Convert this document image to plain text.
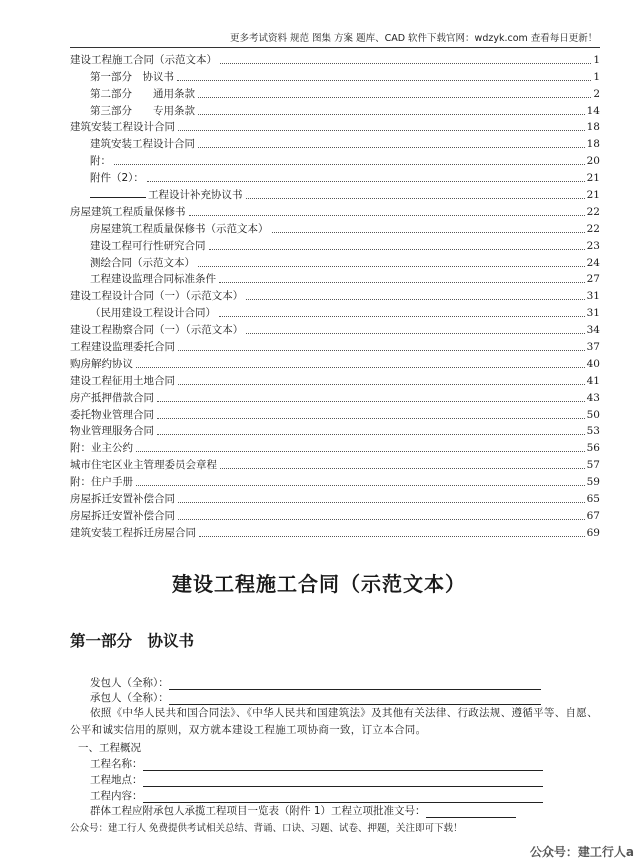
更多考试资料 规范 图集 方案 题库、CAD 软件下载官网：wdzyk.com 查看每日更新！
建设工程施工合同（示范文本）	1
第一部分　协议书	1
第二部分　　通用条款	2
第三部分　　专用条款	14
建筑安装工程设计合同	18
建筑安装工程设计合同	18
附：	20
附件（2）：	21
工程设计补充协议书	21
房屋建筑工程质量保修书	22
房屋建筑工程质量保修书（示范文本）	22
建设工程可行性研究合同	23
测绘合同（示范文本）	24
工程建设监理合同标准条件	27
建设工程设计合同（一）（示范文本）	31
（民用建设工程设计合同）	31
建设工程勘察合同（一）（示范文本）	34
工程建设监理委托合同	37
购房解约协议	40
建设工程征用土地合同	41
房产抵押借款合同	43
委托物业管理合同	50
物业管理服务合同	53
附：业主公约	56
城市住宅区业主管理委员会章程	57
附：住户手册	59
房屋拆迁安置补偿合同	65
房屋拆迁安置补偿合同	67
建筑安装工程拆迁房屋合同	69
建设工程施工合同（示范文本）
第一部分　协议书
发包人（全称）：
承包人（全称）：
依照《中华人民共和国合同法》、《中华人民共和国建筑法》及其他有关法律、行政法规、遵循平等、自愿、公平和诚实信用的原则，双方就本建设工程施工项协商一致，订立本合同。
一、工程概况
工程名称：
工程地点：
工程内容：
群体工程应附承包人承揽工程项目一览表（附件 1）工程立项批准文号：
公众号：建工行人 免费提供考试相关总结、背诵、口诀、习题、试卷、押题，关注即可下载！
公众号：建工行人a
